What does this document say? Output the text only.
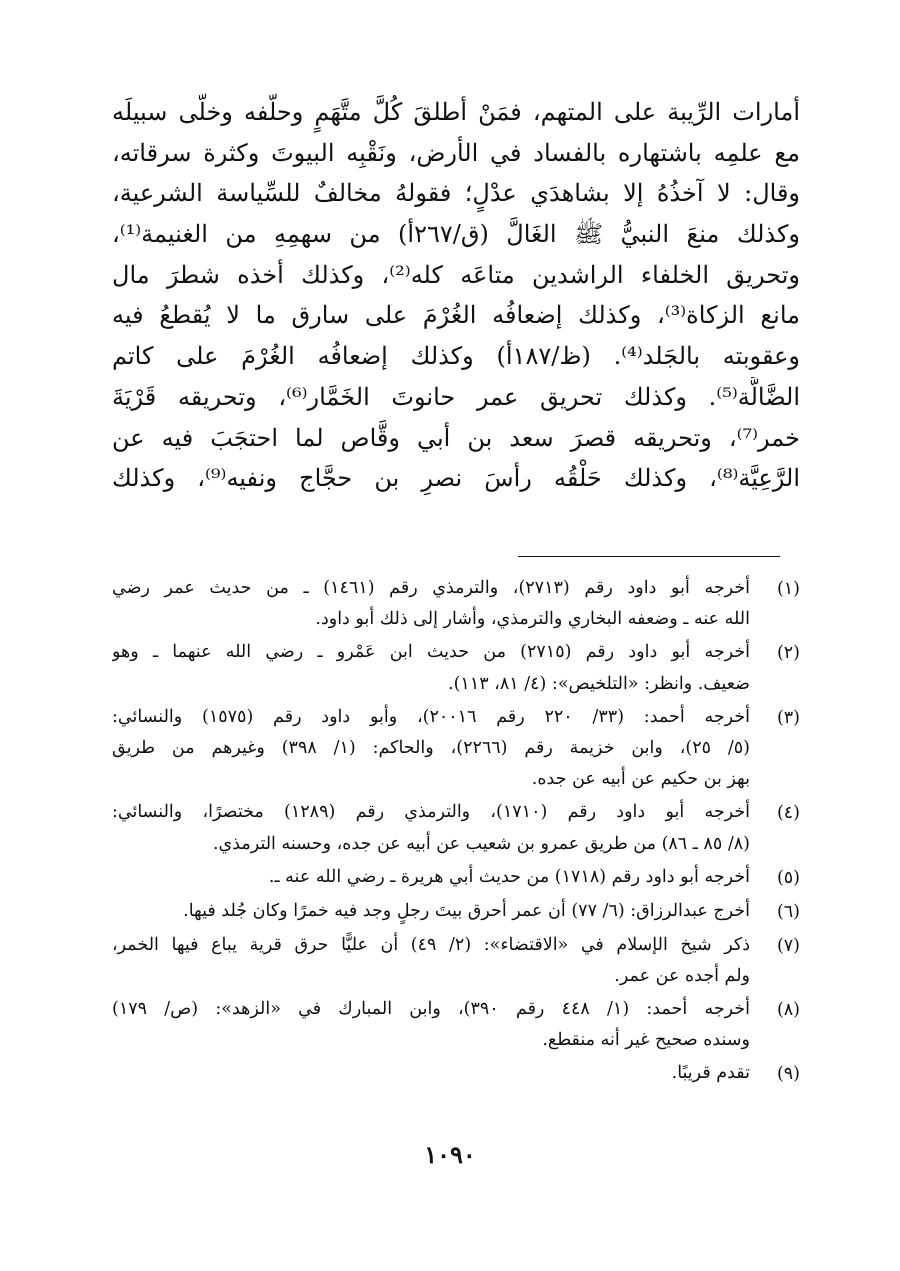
أمارات الرِّيبة على المتهم، فمَنْ أطلقَ كُلَّ متَّهَمٍ وحلّفه وخلّى سبيلَه
مع علمِه باشتهاره بالفساد في الأرض، ونَقْبِه البيوتَ وكثرة سرقاته،
وقال: لا آخذُهُ إلا بشاهدَي عدْلٍ؛ فقولهُ مخالفٌ للسِّياسة الشرعية،
وكذلك منعَ النبيُّ ﷺ الغَالَّ (ق/٢٦٧أ) من سهمِهِ من الغنيمة⁽¹⁾،
وتحريق الخلفاء الراشدين متاعَه كله⁽²⁾، وكذلك أخذه شطرَ مال
مانع الزكاة⁽³⁾، وكذلك إضعافُه الغُرْمَ على سارق ما لا يُقطعُ فيه
وعقوبته بالجَلد⁽⁴⁾. (ظ/١٨٧أ) وكذلك إضعافُه الغُرْمَ على كاتم
الضَّالَّة⁽⁵⁾. وكذلك تحريق عمر حانوتَ الخَمَّار⁽⁶⁾، وتحريقه قَرْيَةَ
خمر⁽⁷⁾، وتحريقه قصرَ سعد بن أبي وقَّاص لما احتجَبَ فيه عن
الرَّعِيَّة⁽⁸⁾، وكذلك حَلْقُه رأسَ نصرِ بن حجَّاج ونفيه⁽⁹⁾، وكذلك
(١)
أخرجه أبو داود رقم (٢٧١٣)، والترمذي رقم (١٤٦١) ـ من حديث عمر رضي
الله عنه ـ وضعفه البخاري والترمذي، وأشار إلى ذلك أبو داود.
(٢)
أخرجه أبو داود رقم (٢٧١٥) من حديث ابن عَمْرو ـ رضي الله عنهما ـ وهو
ضعيف. وانظر: «التلخيص»: (٤/ ٨١، ١١٣).
(٣)
أخرجه أحمد: (٣٣/ ٢٢٠ رقم ٢٠٠١٦)، وأبو داود رقم (١٥٧٥) والنسائي:
(٥/ ٢٥)، وابن خزيمة رقم (٢٢٦٦)، والحاكم: (١/ ٣٩٨) وغيرهم من طريق
بهز بن حكيم عن أبيه عن جده.
(٤)
أخرجه أبو داود رقم (١٧١٠)، والترمذي رقم (١٢٨٩) مختصرًا، والنسائي:
(٨/ ٨٥ ـ ٨٦) من طريق عمرو بن شعيب عن أبيه عن جده، وحسنه الترمذي.
(٥)
أخرجه أبو داود رقم (١٧١٨) من حديث أبي هريرة ـ رضي الله عنه ـ.
(٦)
أخرج عبدالرزاق: (٦/ ٧٧) أن عمر أحرق بيتَ رجلٍ وجد فيه خمرًا وكان جُلد فيها.
(٧)
ذكر شيخ الإسلام في «الاقتضاء»: (٢/ ٤٩) أن عليًّا حرق قرية يباع فيها الخمر،
ولم أجده عن عمر.
(٨)
أخرجه أحمد: (١/ ٤٤٨ رقم ٣٩٠)، وابن المبارك في «الزهد»: (ص/ ١٧٩)
وسنده صحيح غير أنه منقطع.
(٩)
تقدم قريبًا.
١٠٩٠
